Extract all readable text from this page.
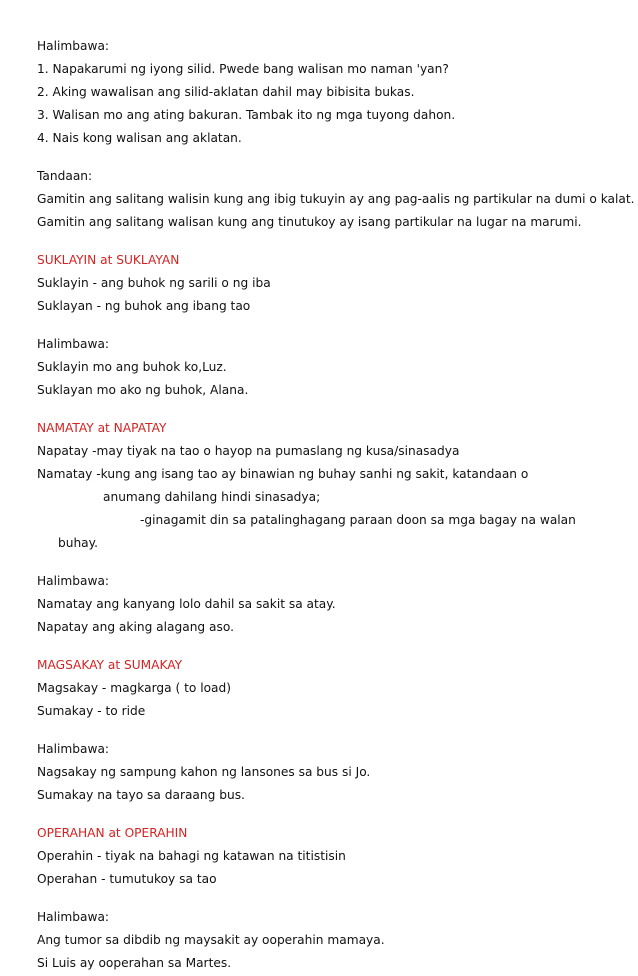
Halimbawa:
1. Napakarumi ng iyong silid. Pwede bang walisan mo naman 'yan?
2. Aking wawalisan ang silid-aklatan dahil may bibisita bukas.
3. Walisan mo ang ating bakuran. Tambak ito ng mga tuyong dahon.
4. Nais kong walisan ang aklatan.
Tandaan:
Gamitin ang salitang walisin kung ang ibig tukuyin ay ang pag-aalis ng partikular na dumi o kalat.
Gamitin ang salitang walisan kung ang tinutukoy ay isang partikular na lugar na marumi.
SUKLAYIN at SUKLAYAN
Suklayin - ang buhok ng sarili o ng iba
Suklayan - ng buhok ang ibang tao
Halimbawa:
Suklayin mo ang buhok ko,Luz.
Suklayan mo ako ng buhok, Alana.
NAMATAY at NAPATAY
Napatay -may tiyak na tao o hayop na pumaslang ng kusa/sinasadya
Namatay -kung ang isang tao ay binawian ng buhay sanhi ng sakit, katandaan o
anumang dahilang hindi sinasadya;
-ginagamit din sa patalinghagang paraan doon sa mga bagay na walan
buhay.
Halimbawa:
Namatay ang kanyang lolo dahil sa sakit sa atay.
Napatay ang aking alagang aso.
MAGSAKAY at SUMAKAY
Magsakay - magkarga ( to load)
Sumakay - to ride
Halimbawa:
Nagsakay ng sampung kahon ng lansones sa bus si Jo.
Sumakay na tayo sa daraang bus.
OPERAHAN at OPERAHIN
Operahin - tiyak na bahagi ng katawan na titistisin
Operahan - tumutukoy sa tao
Halimbawa:
Ang tumor sa dibdib ng maysakit ay ooperahin mamaya.
Si Luis ay ooperahan sa Martes.
